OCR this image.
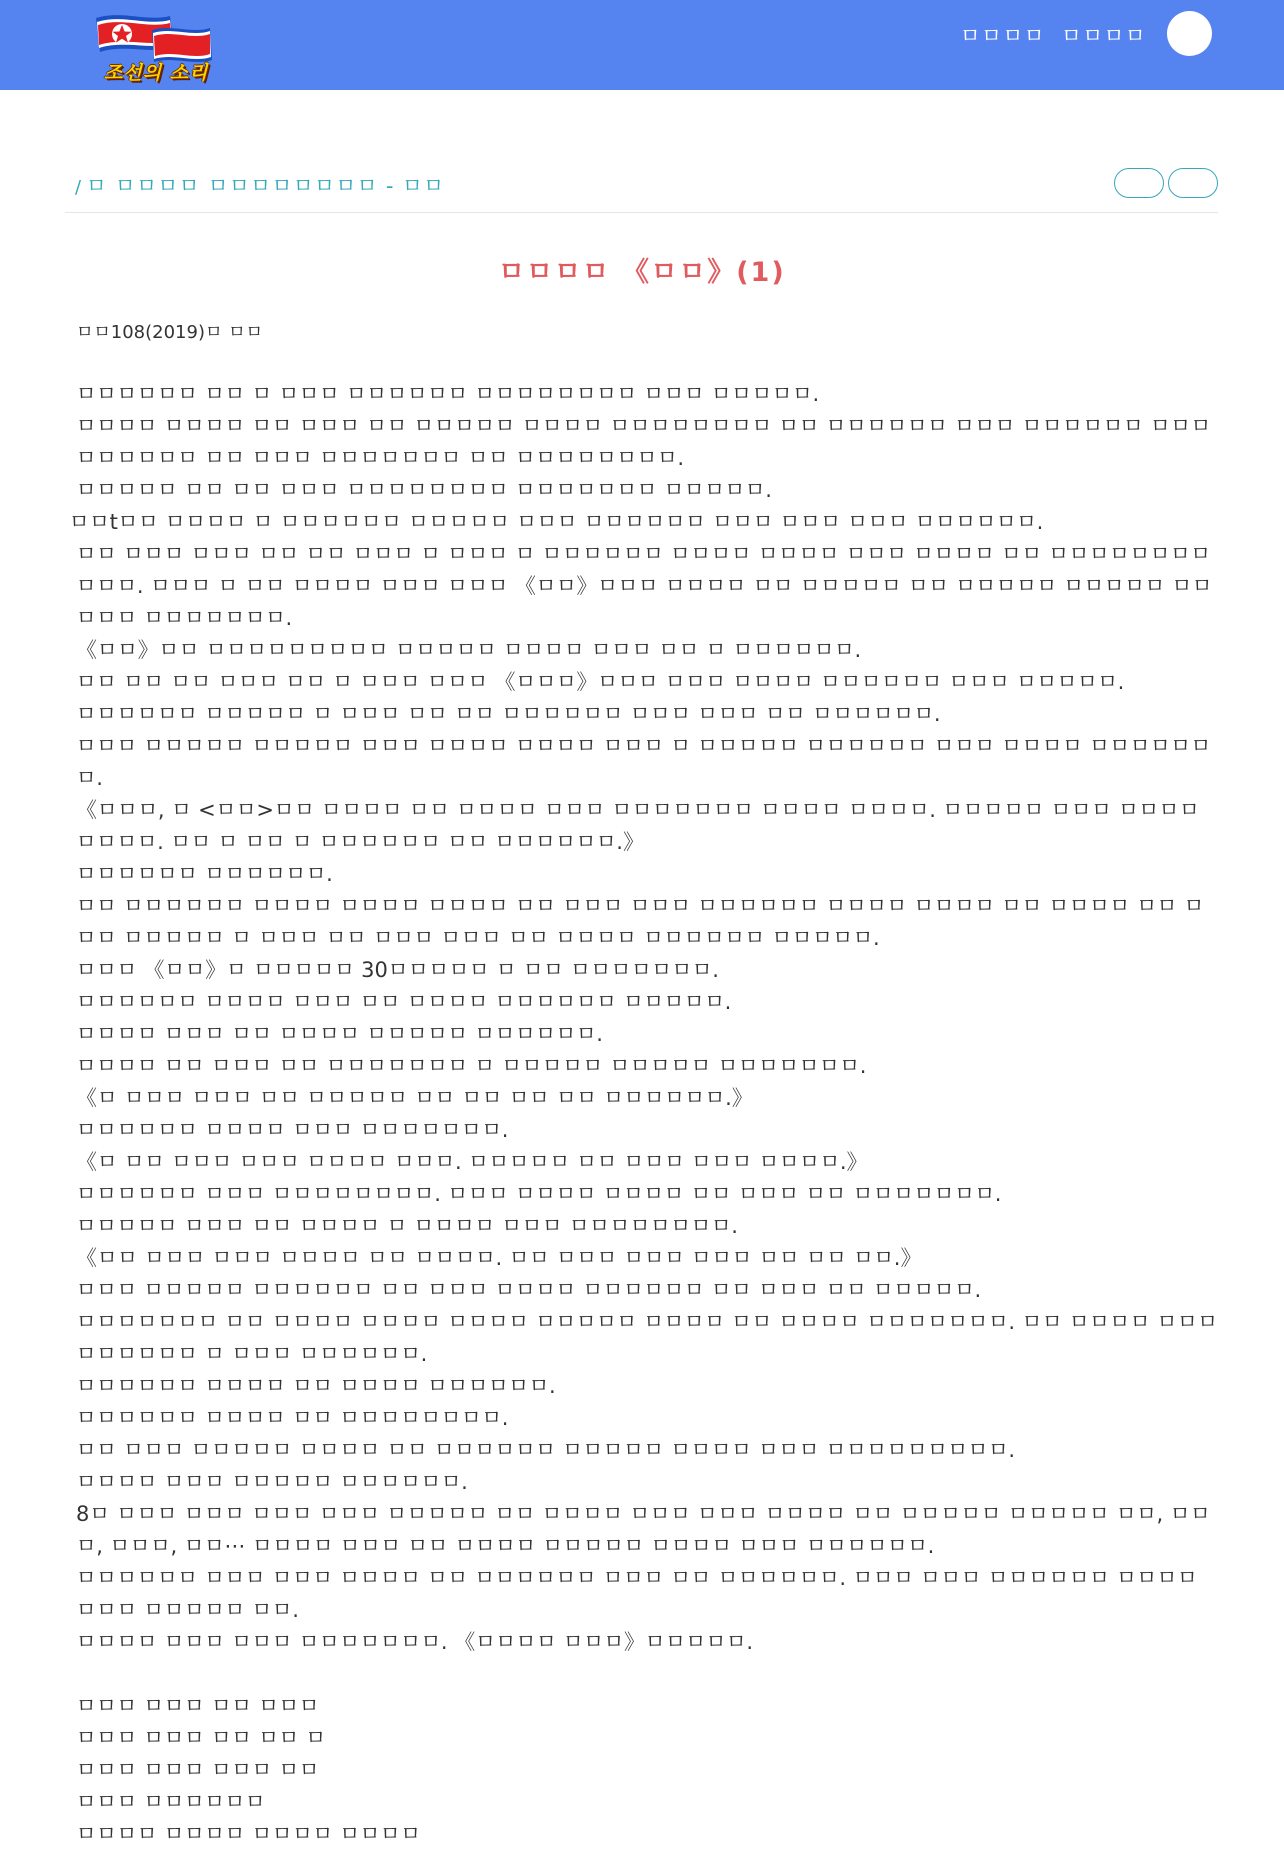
조선의 소리
ㅁㅁㅁㅁ ㅁㅁㅁㅁ
/ ㅁ ㅁㅁㅁㅁ ㅁㅁㅁㅁㅁㅁㅁㅁ - ㅁㅁ
ㅁㅁㅁㅁ 《ㅁㅁ》(1)
ㅁㅁ108(2019)ㅁ ㅁㅁ

ㅁㅁㅁㅁㅁㅁ ㅁㅁ ㅁ ㅁㅁㅁ ㅁㅁㅁㅁㅁㅁ ㅁㅁㅁㅁㅁㅁㅁㅁ ㅁㅁㅁ ㅁㅁㅁㅁㅁ.

ㅁㅁㅁㅁ ㅁㅁㅁㅁ ㅁㅁ ㅁㅁㅁ ㅁㅁ ㅁㅁㅁㅁㅁ ㅁㅁㅁㅁ ㅁㅁㅁㅁㅁㅁㅁㅁ ㅁㅁ ㅁㅁㅁㅁㅁㅁ ㅁㅁㅁ ㅁㅁㅁㅁㅁㅁ ㅁㅁㅁ ㅁㅁㅁㅁㅁㅁ ㅁㅁ ㅁㅁㅁ ㅁㅁㅁㅁㅁㅁㅁ ㅁㅁ ㅁㅁㅁㅁㅁㅁㅁㅁ.

ㅁㅁㅁㅁㅁ ㅁㅁ ㅁㅁ ㅁㅁㅁ ㅁㅁㅁㅁㅁㅁㅁㅁ ㅁㅁㅁㅁㅁㅁㅁ ㅁㅁㅁㅁㅁ.

ㅁㅁtㅁㅁ ㅁㅁㅁㅁ ㅁ ㅁㅁㅁㅁㅁㅁ ㅁㅁㅁㅁㅁ ㅁㅁㅁ ㅁㅁㅁㅁㅁㅁ ㅁㅁㅁ ㅁㅁㅁ ㅁㅁㅁ ㅁㅁㅁㅁㅁㅁ.

ㅁㅁ ㅁㅁㅁ ㅁㅁㅁ ㅁㅁ ㅁㅁ ㅁㅁㅁ ㅁ ㅁㅁㅁ ㅁ ㅁㅁㅁㅁㅁㅁ ㅁㅁㅁㅁ ㅁㅁㅁㅁ ㅁㅁㅁ ㅁㅁㅁㅁ ㅁㅁ ㅁㅁㅁㅁㅁㅁㅁㅁㅁㅁㅁ. ㅁㅁㅁ ㅁ ㅁㅁ ㅁㅁㅁㅁ ㅁㅁㅁ ㅁㅁㅁ 《ㅁㅁ》ㅁㅁㅁ ㅁㅁㅁㅁ ㅁㅁ ㅁㅁㅁㅁㅁ ㅁㅁ ㅁㅁㅁㅁㅁ ㅁㅁㅁㅁㅁ ㅁㅁㅁㅁㅁ ㅁㅁㅁㅁㅁㅁㅁ.

《ㅁㅁ》ㅁㅁ ㅁㅁㅁㅁㅁㅁㅁㅁㅁ ㅁㅁㅁㅁㅁ ㅁㅁㅁㅁ ㅁㅁㅁ ㅁㅁ ㅁ ㅁㅁㅁㅁㅁㅁ.

ㅁㅁ ㅁㅁ ㅁㅁ ㅁㅁㅁ ㅁㅁ ㅁ ㅁㅁㅁ ㅁㅁㅁ 《ㅁㅁㅁ》ㅁㅁㅁ ㅁㅁㅁ ㅁㅁㅁㅁ ㅁㅁㅁㅁㅁㅁ ㅁㅁㅁ ㅁㅁㅁㅁㅁ.

ㅁㅁㅁㅁㅁㅁ ㅁㅁㅁㅁㅁ ㅁ ㅁㅁㅁ ㅁㅁ ㅁㅁ ㅁㅁㅁㅁㅁㅁ ㅁㅁㅁ ㅁㅁㅁ ㅁㅁ ㅁㅁㅁㅁㅁㅁ.

ㅁㅁㅁ ㅁㅁㅁㅁㅁ ㅁㅁㅁㅁㅁ ㅁㅁㅁ ㅁㅁㅁㅁ ㅁㅁㅁㅁ ㅁㅁㅁ ㅁ ㅁㅁㅁㅁㅁ ㅁㅁㅁㅁㅁㅁ ㅁㅁㅁ ㅁㅁㅁㅁ ㅁㅁㅁㅁㅁㅁㅁ.

《ㅁㅁㅁ, ㅁ <ㅁㅁ>ㅁㅁ ㅁㅁㅁㅁ ㅁㅁ ㅁㅁㅁㅁ ㅁㅁㅁ ㅁㅁㅁㅁㅁㅁㅁ ㅁㅁㅁㅁ ㅁㅁㅁㅁ. ㅁㅁㅁㅁㅁ ㅁㅁㅁ ㅁㅁㅁㅁㅁㅁㅁㅁ. ㅁㅁ ㅁ ㅁㅁ ㅁ ㅁㅁㅁㅁㅁㅁ ㅁㅁ ㅁㅁㅁㅁㅁㅁ.》

ㅁㅁㅁㅁㅁㅁ ㅁㅁㅁㅁㅁㅁ.

ㅁㅁ ㅁㅁㅁㅁㅁㅁ ㅁㅁㅁㅁ ㅁㅁㅁㅁ ㅁㅁㅁㅁ ㅁㅁ ㅁㅁㅁ ㅁㅁㅁ ㅁㅁㅁㅁㅁㅁ ㅁㅁㅁㅁ ㅁㅁㅁㅁ ㅁㅁ ㅁㅁㅁㅁ ㅁㅁ ㅁㅁㅁ ㅁㅁㅁㅁㅁ ㅁ ㅁㅁㅁ ㅁㅁ ㅁㅁㅁ ㅁㅁㅁ ㅁㅁ ㅁㅁㅁㅁ ㅁㅁㅁㅁㅁㅁ ㅁㅁㅁㅁㅁ.

ㅁㅁㅁ 《ㅁㅁ》ㅁ ㅁㅁㅁㅁㅁ 30ㅁㅁㅁㅁㅁ ㅁ ㅁㅁ ㅁㅁㅁㅁㅁㅁㅁ.

ㅁㅁㅁㅁㅁㅁ ㅁㅁㅁㅁ ㅁㅁㅁ ㅁㅁ ㅁㅁㅁㅁ ㅁㅁㅁㅁㅁㅁ ㅁㅁㅁㅁㅁ.

ㅁㅁㅁㅁ ㅁㅁㅁ ㅁㅁ ㅁㅁㅁㅁ ㅁㅁㅁㅁㅁ ㅁㅁㅁㅁㅁㅁ.

ㅁㅁㅁㅁ ㅁㅁ ㅁㅁㅁ ㅁㅁ ㅁㅁㅁㅁㅁㅁㅁ ㅁ ㅁㅁㅁㅁㅁ ㅁㅁㅁㅁㅁ ㅁㅁㅁㅁㅁㅁㅁ.

《ㅁ ㅁㅁㅁ ㅁㅁㅁ ㅁㅁ ㅁㅁㅁㅁㅁ ㅁㅁ ㅁㅁ ㅁㅁ ㅁㅁ ㅁㅁㅁㅁㅁㅁ.》

ㅁㅁㅁㅁㅁㅁ ㅁㅁㅁㅁ ㅁㅁㅁ ㅁㅁㅁㅁㅁㅁㅁ.

《ㅁ ㅁㅁ ㅁㅁㅁ ㅁㅁㅁ ㅁㅁㅁㅁ ㅁㅁㅁ. ㅁㅁㅁㅁㅁ ㅁㅁ ㅁㅁㅁ ㅁㅁㅁ ㅁㅁㅁㅁ.》

ㅁㅁㅁㅁㅁㅁ ㅁㅁㅁ ㅁㅁㅁㅁㅁㅁㅁㅁ. ㅁㅁㅁ ㅁㅁㅁㅁ ㅁㅁㅁㅁ ㅁㅁ ㅁㅁㅁ ㅁㅁ ㅁㅁㅁㅁㅁㅁㅁ.

ㅁㅁㅁㅁㅁ ㅁㅁㅁ ㅁㅁ ㅁㅁㅁㅁ ㅁ ㅁㅁㅁㅁ ㅁㅁㅁ ㅁㅁㅁㅁㅁㅁㅁㅁ.

《ㅁㅁ ㅁㅁㅁ ㅁㅁㅁ ㅁㅁㅁㅁ ㅁㅁ ㅁㅁㅁㅁ. ㅁㅁ ㅁㅁㅁ ㅁㅁㅁ ㅁㅁㅁ ㅁㅁ ㅁㅁ ㅁㅁ.》

ㅁㅁㅁ ㅁㅁㅁㅁㅁ ㅁㅁㅁㅁㅁㅁ ㅁㅁ ㅁㅁㅁ ㅁㅁㅁㅁ ㅁㅁㅁㅁㅁㅁ ㅁㅁ ㅁㅁㅁ ㅁㅁ ㅁㅁㅁㅁㅁ.

ㅁㅁㅁㅁㅁㅁㅁ ㅁㅁ ㅁㅁㅁㅁ ㅁㅁㅁㅁ ㅁㅁㅁㅁ ㅁㅁㅁㅁㅁ ㅁㅁㅁㅁ ㅁㅁ ㅁㅁㅁㅁ ㅁㅁㅁㅁㅁㅁㅁ. ㅁㅁ ㅁㅁㅁㅁ ㅁㅁㅁ ㅁㅁㅁㅁㅁㅁ ㅁ ㅁㅁㅁ ㅁㅁㅁㅁㅁㅁ.

ㅁㅁㅁㅁㅁㅁ ㅁㅁㅁㅁ ㅁㅁ ㅁㅁㅁㅁ ㅁㅁㅁㅁㅁㅁ.

ㅁㅁㅁㅁㅁㅁ ㅁㅁㅁㅁ ㅁㅁ ㅁㅁㅁㅁㅁㅁㅁㅁ.

ㅁㅁ ㅁㅁㅁ ㅁㅁㅁㅁㅁ ㅁㅁㅁㅁ ㅁㅁ ㅁㅁㅁㅁㅁㅁ ㅁㅁㅁㅁㅁ ㅁㅁㅁㅁ ㅁㅁㅁ ㅁㅁㅁㅁㅁㅁㅁㅁㅁ.

ㅁㅁㅁㅁ ㅁㅁㅁ ㅁㅁㅁㅁㅁ ㅁㅁㅁㅁㅁㅁ.

8ㅁ ㅁㅁㅁ ㅁㅁㅁ ㅁㅁㅁ ㅁㅁㅁ ㅁㅁㅁㅁㅁ ㅁㅁ ㅁㅁㅁㅁ ㅁㅁㅁ ㅁㅁㅁ ㅁㅁㅁㅁ ㅁㅁ ㅁㅁㅁㅁㅁ ㅁㅁㅁㅁㅁ ㅁㅁ, ㅁㅁㅁ, ㅁㅁㅁ, ㅁㅁ⋯ ㅁㅁㅁㅁ ㅁㅁㅁ ㅁㅁ ㅁㅁㅁㅁ ㅁㅁㅁㅁㅁ ㅁㅁㅁㅁ ㅁㅁㅁ ㅁㅁㅁㅁㅁㅁ.

ㅁㅁㅁㅁㅁㅁ ㅁㅁㅁ ㅁㅁㅁ ㅁㅁㅁㅁ ㅁㅁ ㅁㅁㅁㅁㅁㅁ ㅁㅁㅁ ㅁㅁ ㅁㅁㅁㅁㅁㅁ. ㅁㅁㅁ ㅁㅁㅁ ㅁㅁㅁㅁㅁㅁ ㅁㅁㅁㅁ ㅁㅁㅁ ㅁㅁㅁㅁㅁ ㅁㅁ.

ㅁㅁㅁㅁ ㅁㅁㅁ ㅁㅁㅁ ㅁㅁㅁㅁㅁㅁㅁ. 《ㅁㅁㅁㅁ ㅁㅁㅁ》ㅁㅁㅁㅁㅁ.

ㅁㅁㅁ ㅁㅁㅁ ㅁㅁ ㅁㅁㅁ

ㅁㅁㅁ ㅁㅁㅁ ㅁㅁ ㅁㅁ ㅁ

ㅁㅁㅁ ㅁㅁㅁ ㅁㅁㅁ ㅁㅁ

ㅁㅁㅁ ㅁㅁㅁㅁㅁㅁ

ㅁㅁㅁㅁ ㅁㅁㅁㅁ ㅁㅁㅁㅁ ㅁㅁㅁㅁ
